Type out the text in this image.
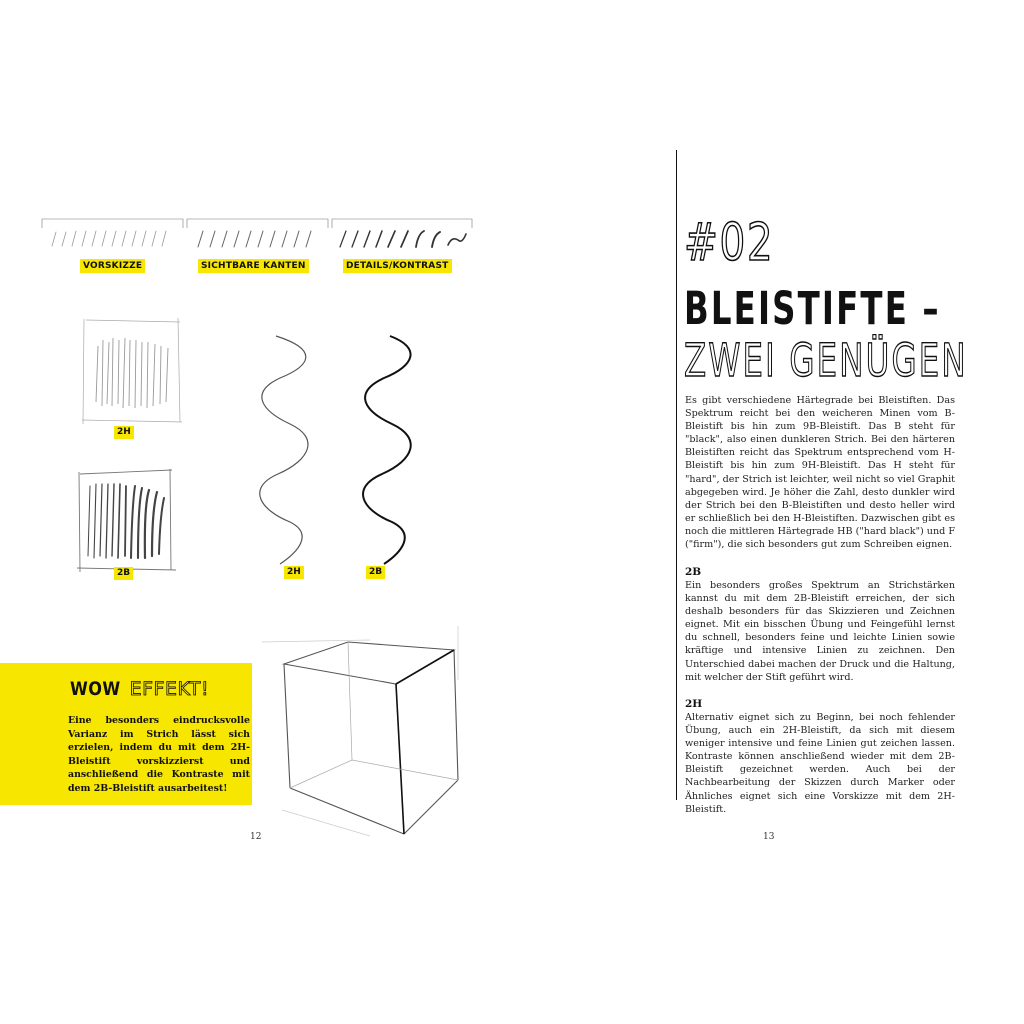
VORSKIZZE	SICHTBARE KANTEN	DETAILS/KONTRAST
2H
2B	2H	2B
WOW EFFEKT!
Eine besonders eindrucksvolle Varianz im Strich lässt sich erzielen, indem du mit dem 2H-Bleistift vorskizzierst und anschließend die Kontraste mit dem 2B-Bleistift ausarbeitest!
12
#02
BLEISTIFTE –
ZWEI GENÜGEN
Es gibt verschiedene Härtegrade bei Bleistiften. Das Spektrum reicht bei den weicheren Minen vom B-Bleistift bis hin zum 9B-Bleistift. Das B steht für "black", also einen dunkleren Strich. Bei den härteren Bleistiften reicht das Spektrum entsprechend vom H-Bleistift bis hin zum 9H-Bleistift. Das H steht für "hard", der Strich ist leichter, weil nicht so viel Graphit abgegeben wird. Je höher die Zahl, desto dunkler wird der Strich bei den B-Bleistiften und desto heller wird er schließlich bei den H-Bleistiften. Dazwischen gibt es noch die mittleren Härtegrade HB ("hard black") und F ("firm"), die sich besonders gut zum Schreiben eignen.
2B
Ein besonders großes Spektrum an Strichstärken kannst du mit dem 2B-Bleistift erreichen, der sich deshalb besonders für das Skizzieren und Zeichnen eignet. Mit ein bisschen Übung und Feingefühl lernst du schnell, besonders feine und leichte Linien sowie kräftige und intensive Linien zu zeichnen. Den Unterschied dabei machen der Druck und die Haltung, mit welcher der Stift geführt wird.
2H
Alternativ eignet sich zu Beginn, bei noch fehlender Übung, auch ein 2H-Bleistift, da sich mit diesem weniger intensive und feine Linien gut zeichen lassen. Kontraste können anschließend wieder mit dem 2B-Bleistift gezeichnet werden. Auch bei der Nachbearbeitung der Skizzen durch Marker oder Ähnliches eignet sich eine Vorskizze mit dem 2H-Bleistift.
13
